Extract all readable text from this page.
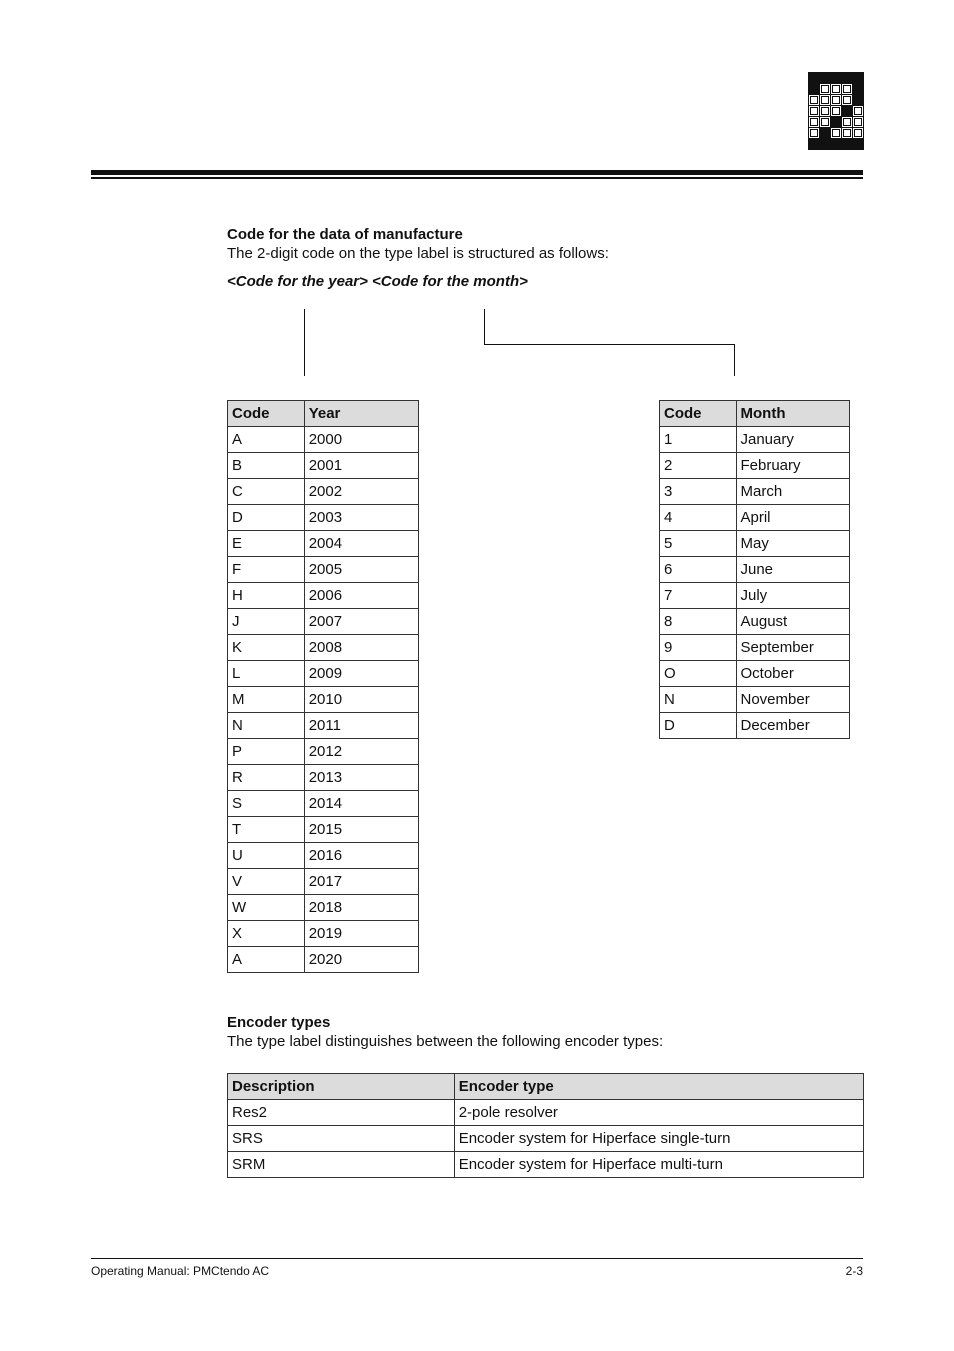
Code for the data of manufacture
The 2-digit code on the type label is structured as follows:
<Code for the year> <Code for the month>
Code	Year
A	2000
B	2001
C	2002
D	2003
E	2004
F	2005
H	2006
J	2007
K	2008
L	2009
M	2010
N	2011
P	2012
R	2013
S	2014
T	2015
U	2016
V	2017
W	2018
X	2019
A	2020
Code	Month
1	January
2	February
3	March
4	April
5	May
6	June
7	July
8	August
9	September
O	October
N	November
D	December
Encoder types
The type label distinguishes between the following encoder types:
Description	Encoder type
Res2	2-pole resolver
SRS	Encoder system for Hiperface single-turn
SRM	Encoder system for Hiperface multi-turn
Operating Manual: PMCtendo AC	2-3
